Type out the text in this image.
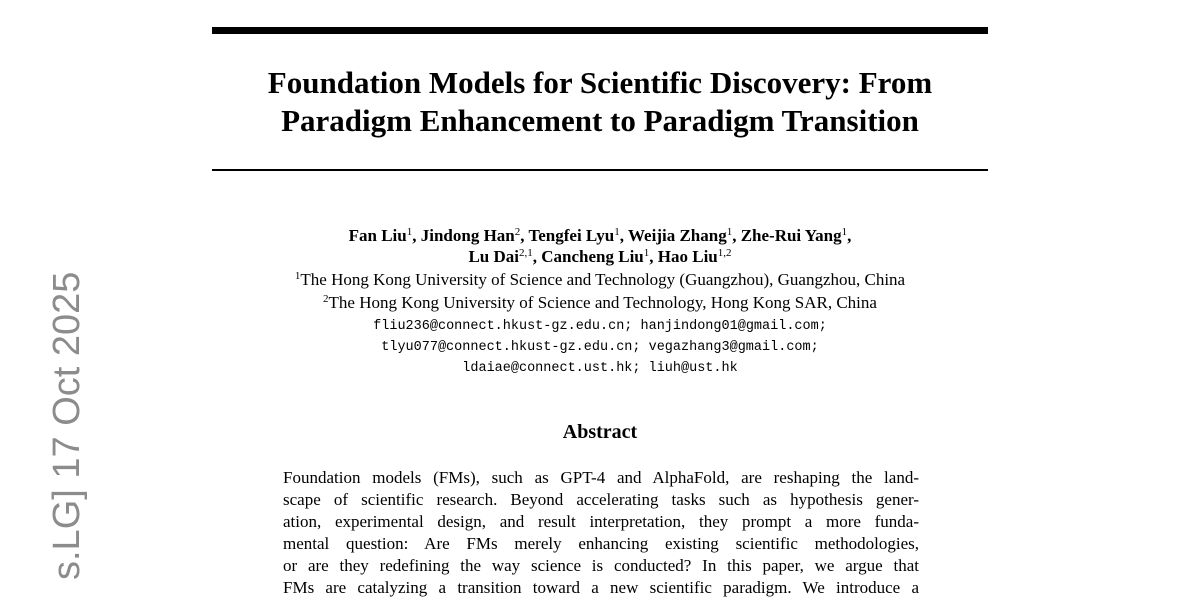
Foundation Models for Scientific Discovery: From
Paradigm Enhancement to Paradigm Transition
Fan Liu$^1$, Jindong Han$^2$, Tengfei Lyu$^1$, Weijia Zhang$^1$, Zhe-Rui Yang$^1$,
Lu Dai$^{2,1}$, Cancheng Liu$^1$, Hao Liu$^{1,2}$
$^1$The Hong Kong University of Science and Technology (Guangzhou), Guangzhou, China
$^2$The Hong Kong University of Science and Technology, Hong Kong SAR, China
fliu236@connect.hkust-gz.edu.cn; hanjindong01@gmail.com;
tlyu077@connect.hkust-gz.edu.cn; vegazhang3@gmail.com;
ldaiae@connect.ust.hk; liuh@ust.hk
Abstract
Foundation models (FMs), such as GPT-4 and AlphaFold, are reshaping the land-
scape of scientific research. Beyond accelerating tasks such as hypothesis gener-
ation, experimental design, and result interpretation, they prompt a more funda-
mental question: Are FMs merely enhancing existing scientific methodologies,
or are they redefining the way science is conducted? In this paper, we argue that
FMs are catalyzing a transition toward a new scientific paradigm. We introduce a
s.LG] 17 Oct 2025
